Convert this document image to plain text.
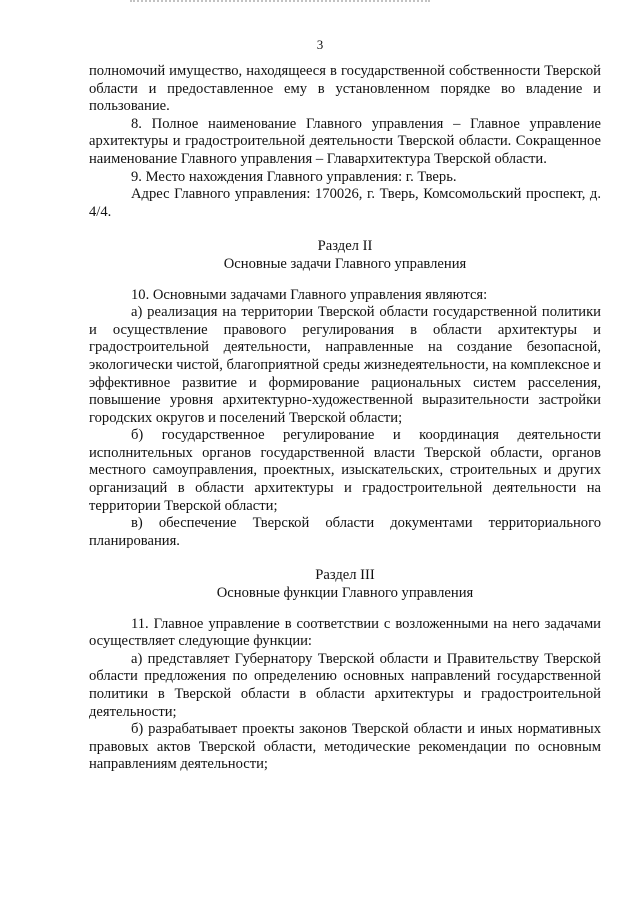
3

полномочий имущество, находящееся в государственной собственности Тверской области и предоставленное ему в установленном порядке во владение и пользование.

8. Полное наименование Главного управления – Главное управление архитектуры и градостроительной деятельности Тверской области. Сокращенное наименование Главного управления – Главархитектура Тверской области.

9. Место нахождения Главного управления: г. Тверь.

Адрес Главного управления: 170026, г. Тверь, Комсомольский проспект, д. 4/4.

Раздел II
Основные задачи Главного управления

10. Основными задачами Главного управления являются:

а) реализация на территории Тверской области государственной политики и осуществление правового регулирования в области архитектуры и градостроительной деятельности, направленные на создание безопасной, экологически чистой, благоприятной среды жизнедеятельности, на комплексное и эффективное развитие и формирование рациональных систем расселения, повышение уровня архитектурно-художественной выразительности застройки городских округов и поселений Тверской области;

б) государственное регулирование и координация деятельности исполнительных органов государственной власти Тверской области, органов местного самоуправления, проектных, изыскательских, строительных и других организаций в области архитектуры и градостроительной деятельности на территории Тверской области;

в) обеспечение Тверской области документами территориального планирования.

Раздел III
Основные функции Главного управления

11. Главное управление в соответствии с возложенными на него задачами осуществляет следующие функции:

а) представляет Губернатору Тверской области и Правительству Тверской области предложения по определению основных направлений государственной политики в Тверской области в области архитектуры и градостроительной деятельности;

б) разрабатывает проекты законов Тверской области и иных нормативных правовых актов Тверской области, методические рекомендации по основным направлениям деятельности;
